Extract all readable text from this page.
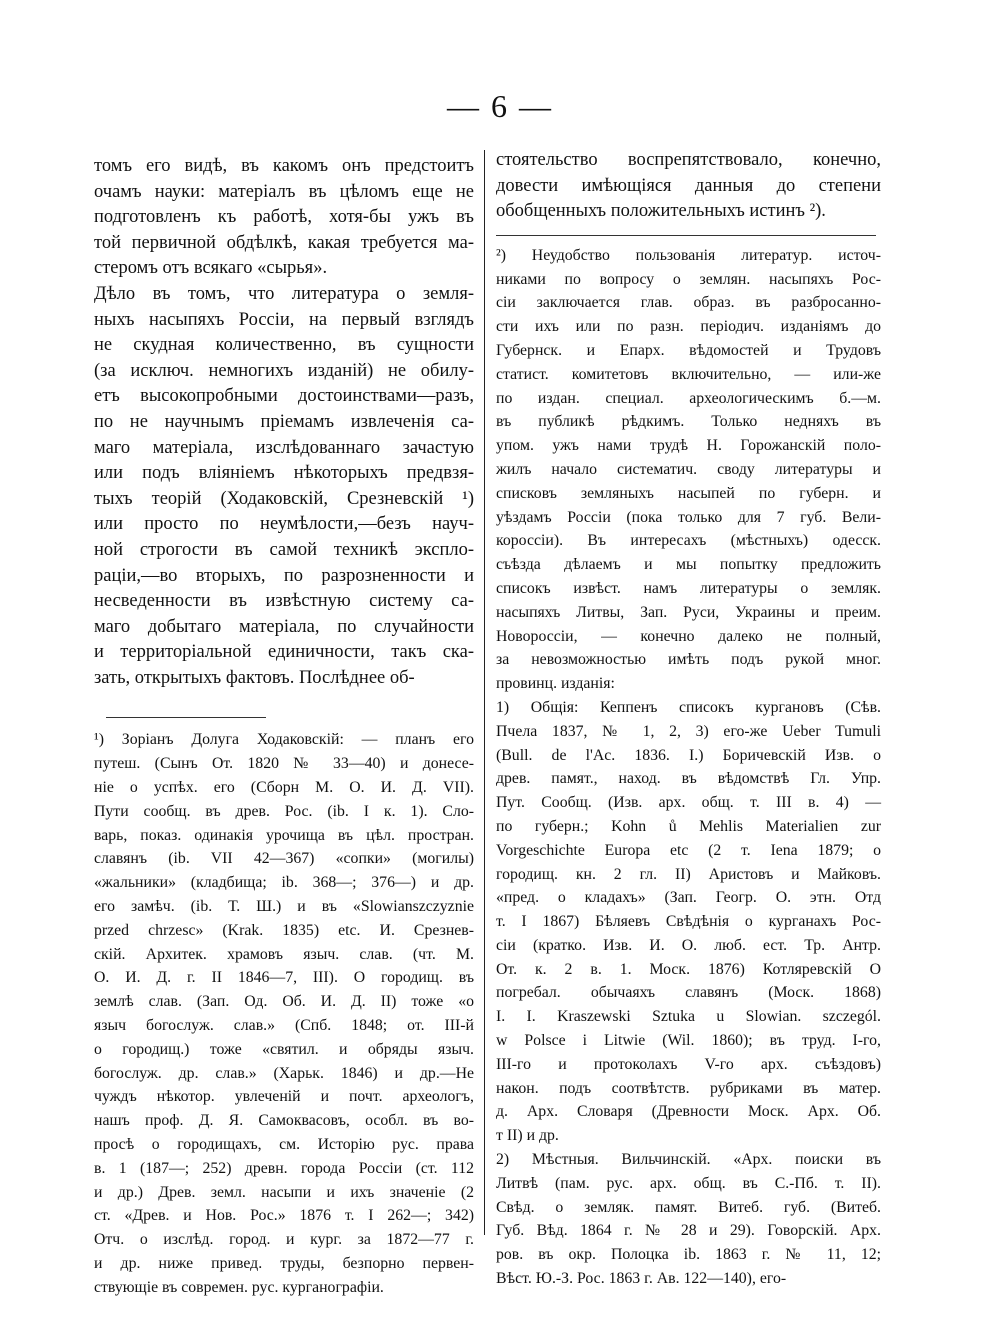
— 6 —
томъ его видѣ, въ какомъ онъ предстоитъ
очамъ науки: матеріалъ въ цѣломъ еще не
подготовленъ къ работѣ, хотя-бы ужъ въ
той первичной обдѣлкѣ, какая требуется ма-
стеромъ отъ всякаго «сырья».
Дѣло въ томъ, что литература о земля-
ныхъ насыпяхъ Россіи, на первый взглядъ
не скудная количественно, въ сущности
(за исключ. немногихъ изданій) не обилу-
етъ высокопробными достоинствами—разъ,
по не научнымъ пріемамъ извлеченія са-
маго матеріала, изслѣдованнаго зачастую
или подъ вліяніемъ нѣкоторыхъ предвзя-
тыхъ теорій (Ходаковскій, Срезневскій ¹)
или просто по неумѣлости,—безъ науч-
ной строгости въ самой техникѣ эксплo-
раціи,—во вторыхъ, по разрозненности и
несведенности въ извѣстную систему са-
маго добытаго матеріала, по случайности
и территоріальной единичности, такъ ска-
зать, открытыхъ фактовъ. Послѣднее об-
¹) Зоріанъ Долуга Ходаковскій: — планъ его
путеш. (Сынъ От. 1820 № 33—40) и донесе-
ніе о успѣх. его (Сборн М. О. И. Д. VII).
Пути сообщ. въ древ. Рос. (ib. I к. 1). Сло-
варь, показ. одинакія урочища въ цѣл. простран.
славянъ (ib. VII 42—367) «сопки» (могилы)
«жальники» (кладбища; ib. 368—; 376—) и др.
его замѣч. (ib. Т. Ш.) и въ «Slowianszczyznie
przed chrzesc» (Krak. 1835) etc. И. Срезнев-
скій. Архитек. храмовъ языч. слав. (чт. М.
О. И. Д. г. II 1846—7, III). О городищ. въ
землѣ слав. (Зап. Од. Об. И. Д. II) тоже «о
языч богослуж. слав.» (Спб. 1848; от. III-й
о городищ.) тоже «святил. и обряды языч.
богослуж. др. слав.» (Харьк. 1846) и др.—Не
чуждъ нѣкотор. увлеченій и почт. археологъ,
нашъ проф. Д. Я. Самоквасовъ, особл. въ во-
просѣ о городищахъ, см. Исторію рус. права
в. 1 (187—; 252) древн. города Россіи (ст. 112
и др.) Древ. земл. насыпи и ихъ значеніе (2
ст. «Древ. и Нов. Рос.» 1876 т. I 262—; 342)
Отч. о изслѣд. город. и кург. за 1872—77 г.
и др. ниже привед. труды, безпорно первен-
ствующіе въ современ. рус. курганографіи.
стоятельство воспрепятствовало, конечно,
довести имѣющіяся данныя до степени
обобщенныхъ положительныхъ истинъ ²).
²) Неудобство пользованія литератур. источ-
никами по вопросу о землян. насыпяхъ Рос-
сіи заключается глав. образ. въ разбросанно-
сти ихъ или по разн. періодич. изданіямъ до
Губернск. и Епарх. вѣдомостей и Трудовъ
статист. комитетовъ включительно, — или-же
по издан. специал. археологическимъ б.—м.
въ публикѣ рѣдкимъ. Только недняхъ въ
упом. ужъ нами трудѣ Н. Горожанскій поло-
жилъ начало систематич. своду литературы и
списковъ земляныхъ насыпей по губерн. и
уѣздамъ Россіи (пока только для 7 губ. Вели-
короссіи). Въ интересахъ (мѣстныхъ) одесск.
съѣзда дѣлаемъ и мы попытку предложить
списокъ извѣст. намъ литературы о земляк.
насыпяхъ Литвы, Зап. Руси, Украины и преим.
Новороссіи, — конечно далеко не полный,
за невозможностью имѣть подъ рукой мног.
провинц. изданія:
1) Общія: Кеппенъ списокъ кургановъ (Сѣв.
Пчела 1837, № 1, 2, 3) его-же Ueber Tumuli
(Bull. de l'Ac. 1836. I.) Боричевскій Изв. о
древ. памят., наход. въ вѣдомствѣ Гл. Упр.
Пут. Сообщ. (Изв. арх. общ. т. III в. 4) —
по губерн.; Kohn ů Mehlis Materialien zur
Vorgeschichte Europa etc (2 т. Iena 1879; о
городищ. кн. 2 гл. II) Аристовъ и Майковъ.
«пред. о кладахъ» (Зап. Геогр. О. этн. Отд
т. I 1867) Бѣляевъ Свѣдѣнія о курганахъ Рос-
сіи (кратко. Изв. И. О. люб. ест. Тр. Антр.
От. к. 2 в. 1. Моск. 1876) Котляревскій О
погребал. обычаяхъ славянъ (Моск. 1868)
I. I. Kraszewski Sztuka u Slowian. szczegól.
w Polsce i Litwie (Wil. 1860); въ труд. I-го,
III-го и протоколахъ V-го арх. съѣздовъ)
након. подъ соотвѣтств. рубриками въ матер.
д. Арх. Словаря (Древности Моск. Арх. Об.
т II) и др.
2) Мѣстныя. Вильчинскій. «Арх. поиски въ
Литвѣ (пам. рус. арх. общ. въ С.-Пб. т. II).
Свѣд. о земляк. памят. Витеб. губ. (Витеб.
Губ. Вѣд. 1864 г. № 28 и 29). Говорскій. Арх.
ров. въ окр. Полоцка ib. 1863 г. № 11, 12;
Вѣст. Ю.-З. Рос. 1863 г. Ав. 122—140), его-
